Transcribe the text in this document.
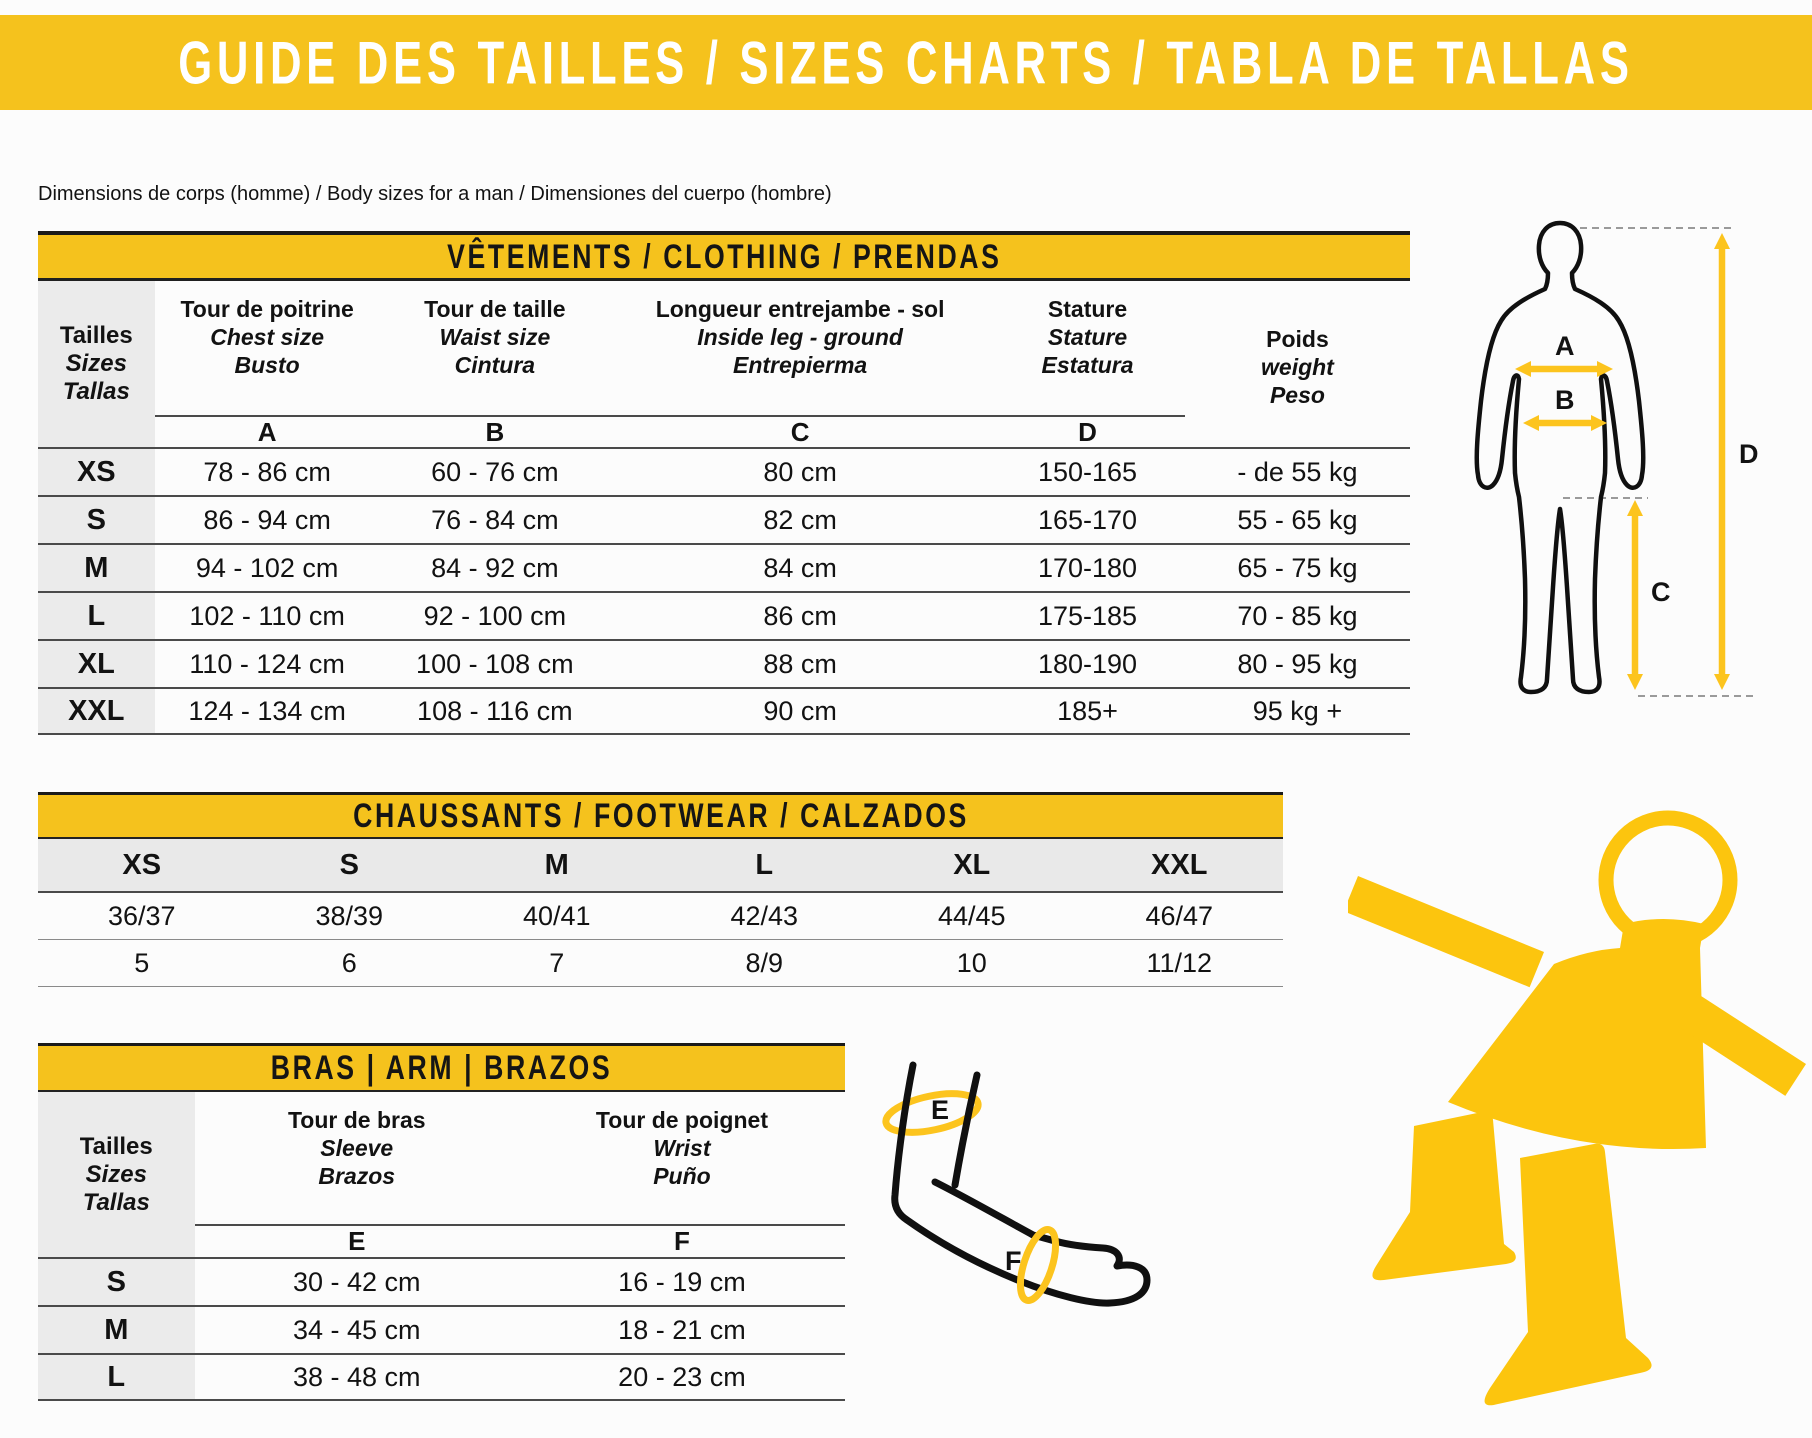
GUIDE DES TAILLES / SIZES CHARTS / TABLA DE TALLAS
Dimensions de corps (homme) / Body sizes for a man / Dimensiones del cuerpo (hombre)
VÊTEMENTS / CLOTHING / PRENDAS
Tailles
Sizes
Tallas
Tour de poitrine
Chest size
Busto
Tour de taille
Waist size
Cintura
Longueur entrejambe - sol
Inside leg - ground
Entrepierma
Stature
Stature
Estatura
Poids
weight
Peso
A	B	C	D
XS	78 - 86 cm	60 - 76 cm	80 cm	150-165	- de 55 kg
S	86 - 94 cm	76 - 84 cm	82 cm	165-170	55 - 65 kg
M	94 - 102 cm	84 - 92 cm	84 cm	170-180	65 - 75 kg
L	102 - 110 cm	92 - 100 cm	86 cm	175-185	70 - 85 kg
XL	110 - 124 cm	100 - 108 cm	88 cm	180-190	80 - 95 kg
XXL	124 - 134 cm	108 - 116 cm	90 cm	185+	95 kg +
A
B
C
D
CHAUSSANTS / FOOTWEAR / CALZADOS
XS	S	M	L	XL	XXL
36/37	38/39	40/41	42/43	44/45	46/47
5	6	7	8/9	10	11/12
BRAS | ARM | BRAZOS
Tailles
Sizes
Tallas
Tour de bras
Sleeve
Brazos
Tour de poignet
Wrist
Puño
E	F
S	30 - 42 cm	16 - 19 cm
M	34 - 45 cm	18 - 21 cm
L	38 - 48 cm	20 - 23 cm
E
F
